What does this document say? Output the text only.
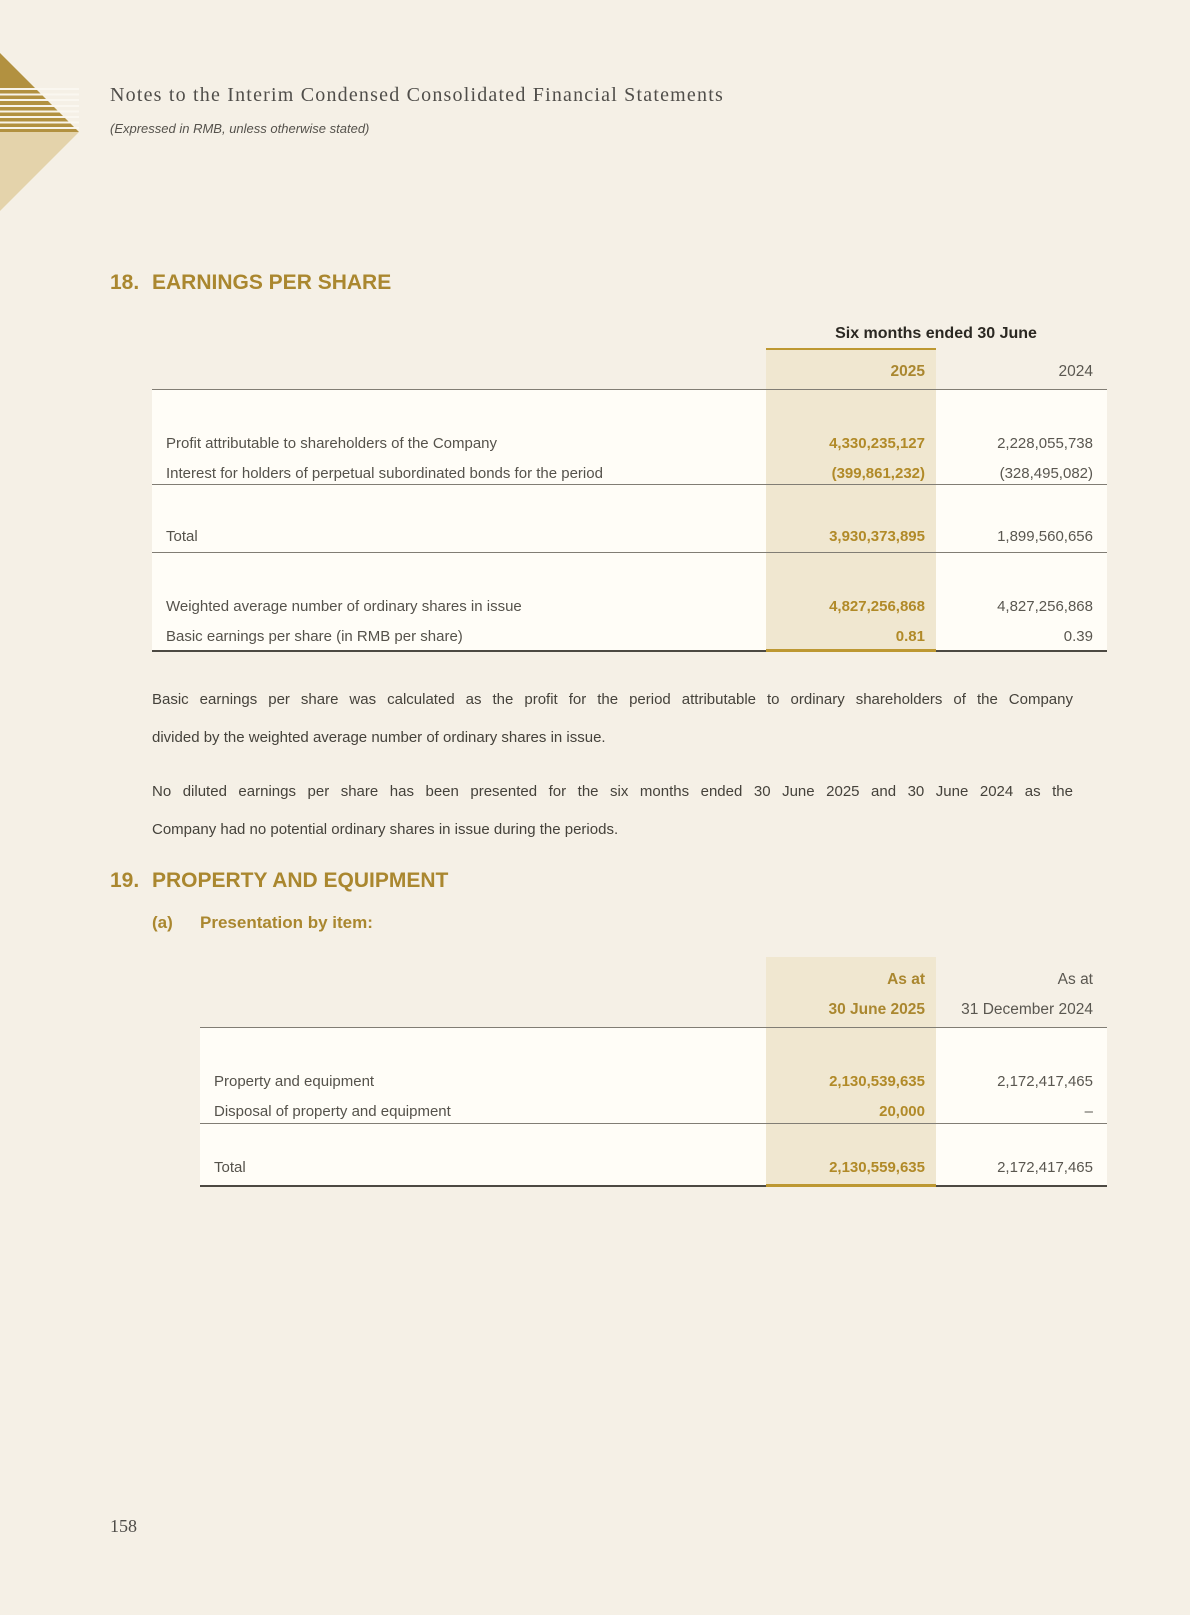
Notes to the Interim Condensed Consolidated Financial Statements
(Expressed in RMB, unless otherwise stated)
18. EARNINGS PER SHARE
Six months ended 30 June
2025	2024
Profit attributable to shareholders of the Company	4,330,235,127	2,228,055,738
Interest for holders of perpetual subordinated bonds for the period	(399,861,232)	(328,495,082)
Total	3,930,373,895	1,899,560,656
Weighted average number of ordinary shares in issue	4,827,256,868	4,827,256,868
Basic earnings per share (in RMB per share)	0.81	0.39
Basic earnings per share was calculated as the profit for the period attributable to ordinary shareholders of the Company
divided by the weighted average number of ordinary shares in issue.
No diluted earnings per share has been presented for the six months ended 30 June 2025 and 30 June 2024 as the
Company had no potential ordinary shares in issue during the periods.
19. PROPERTY AND EQUIPMENT
(a)	Presentation by item:
As at	As at
30 June 2025 31 December 2024
Property and equipment	2,130,539,635	2,172,417,465
Disposal of property and equipment	20,000	–
Total	2,130,559,635	2,172,417,465
158
